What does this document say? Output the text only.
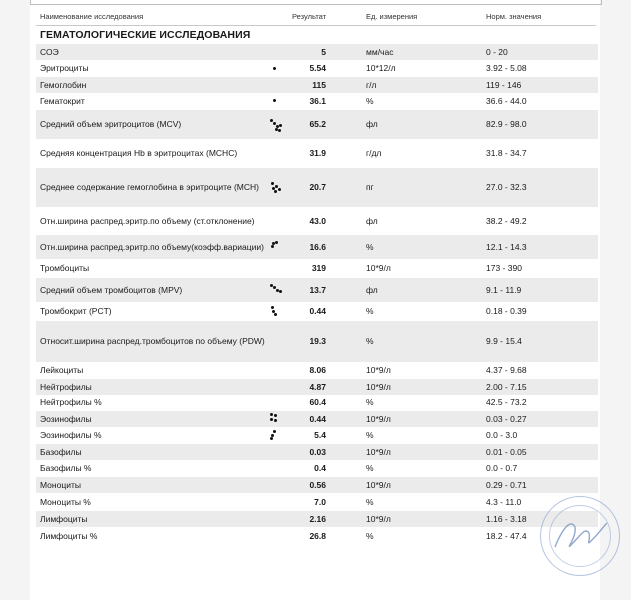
Наименование исследования	Результат	Ед. измерения	Норм. значения
ГЕМАТОЛОГИЧЕСКИЕ ИССЛЕДОВАНИЯ
СОЭ	5	мм/час	0 - 20
Эритроциты	5.54	10*12/л	3.92 - 5.08
Гемоглобин	115	г/л	119 - 146
Гематокрит	36.1	%	36.6 - 44.0
Средний объем эритроцитов (MCV)	65.2	фл	82.9 - 98.0
Средняя концентрация Hb в эритроцитах (MCHC)	31.9	г/дл	31.8 - 34.7
Среднее содержание гемоглобина в эритроците (MCH)	20.7	пг	27.0 - 32.3
Отн.ширина распред.эритр.по объему (ст.отклонение)	43.0	фл	38.2 - 49.2
Отн.ширина распред.эритр.по объему(коэфф.вариации)	16.6	%	12.1 - 14.3
Тромбоциты	319	10*9/л	173 - 390
Средний объем тромбоцитов (MPV)	13.7	фл	9.1 - 11.9
Тромбокрит (PCT)	0.44	%	0.18 - 0.39
Относит.ширина распред.тромбоцитов по объему (PDW)	19.3	%	9.9 - 15.4
Лейкоциты	8.06	10*9/л	4.37 - 9.68
Нейтрофилы	4.87	10*9/л	2.00 - 7.15
Нейтрофилы %	60.4	%	42.5 - 73.2
Эозинофилы	0.44	10*9/л	0.03 - 0.27
Эозинофилы %	5.4	%	0.0 - 3.0
Базофилы	0.03	10*9/л	0.01 - 0.05
Базофилы %	0.4	%	0.0 - 0.7
Моноциты	0.56	10*9/л	0.29 - 0.71
Моноциты %	7.0	%	4.3 - 11.0
Лимфоциты	2.16	10*9/л	1.16 - 3.18
Лимфоциты %	26.8	%	18.2 - 47.4
